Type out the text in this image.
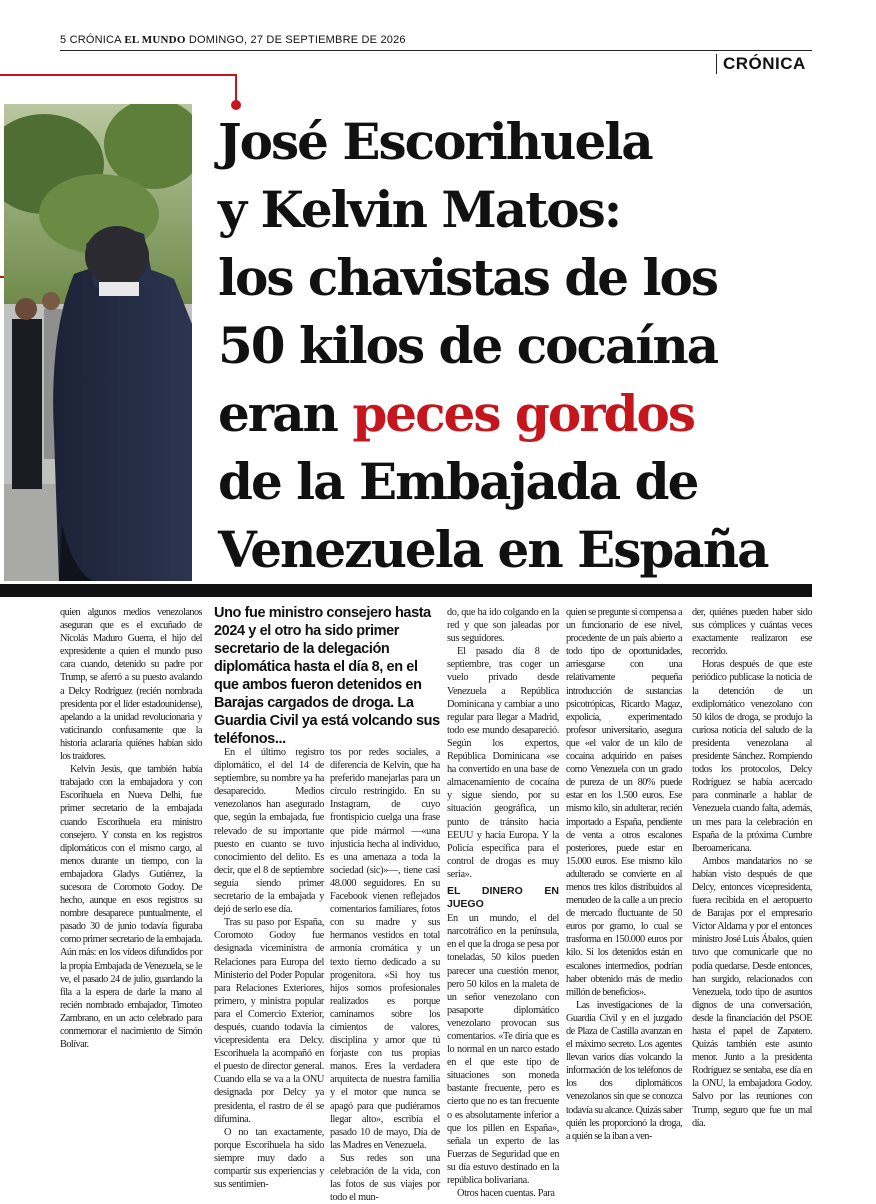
5 CRÓNICA EL MUNDO DOMINGO, 27 DE SEPTIEMBRE DE 2026
CRÓNICA
José Escorihuela
y Kelvin Matos:
los chavistas de los
50 kilos de cocaína
eran peces gordos
de la Embajada de
Venezuela en España
Uno fue ministro consejero hasta 2024 y el otro ha sido primer secretario de la delegación diplomática hasta el día 8, en el que ambos fueron detenidos en Barajas cargados de droga. La Guardia Civil ya está volcando sus teléfonos...

quien algunos medios venezolanos aseguran que es el excuñado de Nicolás Maduro Guerra, el hijo del expresidente a quien el mundo puso cara cuando, detenido su padre por Trump, se aferró a su puesto avalando a Delcy Rodríguez (recién nombrada presidenta por el líder estadounidense), apelando a la unidad revolucionaria y vaticinando confusamente que la historia aclararía quiénes habían sido los traidores.

Kelvin Jesús, que también había trabajado con la embajadora y con Escorihuela en Nueva Delhi, fue primer secretario de la embajada cuando Escorihuela era ministro consejero. Y consta en los registros diplomáticos con el mismo cargo, al menos durante un tiempo, con la embajadora Gladys Gutiérrez, la sucesora de Coromoto Godoy. De hecho, aunque en esos registros su nombre desaparece puntualmente, el pasado 30 de junio todavía figuraba como primer secretario de la embajada. Aún más: en los vídeos difundidos por la propia Embajada de Venezuela, se le ve, el pasado 24 de julio, guardando la fila a la espera de darle la mano al recién nombrado embajador, Timoteo Zambrano, en un acto celebrado para conmemorar el nacimiento de Simón Bolívar.

En el último registro diplomático, el del 14 de septiembre, su nombre ya ha desaparecido. Medios venezolanos han asegurado que, según la embajada, fue relevado de su importante puesto en cuanto se tuvo conocimiento del delito. Es decir, que el 8 de septiembre seguía siendo primer secretario de la embajada y dejó de serlo ese día.

Tras su paso por España, Coromoto Godoy fue designada viceministra de Relaciones para Europa del Ministerio del Poder Popular para Relaciones Exteriores, primero, y ministra popular para el Comercio Exterior, después, cuando todavía la vicepresidenta era Delcy. Escorihuela la acompañó en el puesto de director general. Cuando ella se va a la ONU designada por Delcy ya presidenta, el rastro de él se difumina.

O no tan exactamente, porque Escorihuela ha sido siempre muy dado a compartir sus experiencias y sus sentimien-

tos por redes sociales, a diferencia de Kelvin, que ha preferido manejarlas para un círculo restringido. En su Instagram, de cuyo frontispicio cuelga una frase que pide mármol —«una injusticia hecha al individuo, es una amenaza a toda la sociedad (sic)»—, tiene casi 48.000 seguidores. En su Facebook vienen reflejados comentarios familiares, fotos con su madre y sus hermanos vestidos en total armonía cromática y un texto tierno dedicado a su progenitora. «Si hoy tus hijos somos profesionales realizados es porque caminamos sobre los cimientos de valores, disciplina y amor que tú forjaste con tus propias manos. Eres la verdadera arquitecta de nuestra familia y el motor que nunca se apagó para que pudiéramos llegar alto», escribía el pasado 10 de mayo, Día de las Madres en Venezuela.

Sus redes son una celebración de la vida, con las fotos de sus viajes por todo el mun-

do, que ha ido colgando en la red y que son jaleadas por sus seguidores.

El pasado día 8 de septiembre, tras coger un vuelo privado desde Venezuela a República Dominicana y cambiar a uno regular para llegar a Madrid, todo ese mundo desapareció. Según los expertos, República Dominicana «se ha convertido en una base de almacenamiento de cocaína y sigue siendo, por su situación geográfica, un punto de tránsito hacia EEUU y hacia Europa. Y la Policía específica para el control de drogas es muy seria».

EL DINERO EN JUEGO

En un mundo, el del narcotráfico en la península, en el que la droga se pesa por toneladas, 50 kilos pueden parecer una cuestión menor, pero 50 kilos en la maleta de un señor venezolano con pasaporte diplomático venezolano provocan sus comentarios. «Te diría que es lo normal en un narco estado en el que este tipo de situaciones son moneda bastante frecuente, pero es cierto que no es tan frecuente o es absolutamente inferior a que los pillen en España», señala un experto de las Fuerzas de Seguridad que en su día estuvo destinado en la república bolivariana.

Otros hacen cuentas. Para

quien se pregunte si compensa a un funcionario de ese nivel, procedente de un país abierto a todo tipo de oportunidades, arriesgarse con una relativamente pequeña introducción de sustancias psicotrópicas, Ricardo Magaz, expolicía, experimentado profesor universitario, asegura que «el valor de un kilo de cocaína adquirido en países como Venezuela con un grado de pureza de un 80% puede estar en los 1.500 euros. Ese mismo kilo, sin adulterar, recién importado a España, pendiente de venta a otros escalones posteriores, puede estar en 15.000 euros. Ese mismo kilo adulterado se convierte en al menos tres kilos distribuidos al menudeo de la calle a un precio de mercado fluctuante de 50 euros por gramo, lo cual se trasforma en 150.000 euros por kilo. Si los detenidos están en escalones intermedios, podrían haber obtenido más de medio millón de beneficios».

Las investigaciones de la Guardia Civil y en el juzgado de Plaza de Castilla avanzan en el máximo secreto. Los agentes llevan varios días volcando la información de los teléfonos de los dos diplomáticos venezolanos sin que se conozca todavía su alcance. Quizás saber quién les proporcionó la droga, a quién se la iban a ven-

der, quiénes pueden haber sido sus cómplices y cuántas veces exactamente realizaron ese recorrido.

Horas después de que este periódico publicase la noticia de la detención de un exdiplomático venezolano con 50 kilos de droga, se produjo la curiosa noticia del saludo de la presidenta venezolana al presidente Sánchez. Rompiendo todos los protocolos, Delcy Rodríguez se había acercado para conminarle a hablar de Venezuela cuando falta, además, un mes para la celebración en España de la próxima Cumbre Iberoamericana.

Ambos mandatarios no se habían visto después de que Delcy, entonces vicepresidenta, fuera recibida en el aeropuerto de Barajas por el empresario Víctor Aldama y por el entonces ministro José Luis Ábalos, quien tuvo que comunicarle que no podía quedarse. Desde entonces, han surgido, relacionados con Venezuela, todo tipo de asuntos dignos de una conversación, desde la financiación del PSOE hasta el papel de Zapatero. Quizás también este asunto menor. Junto a la presidenta Rodríguez se sentaba, ese día en la ONU, la embajadora Godoy. Salvo por las reuniones con Trump, seguro que fue un mal día.
